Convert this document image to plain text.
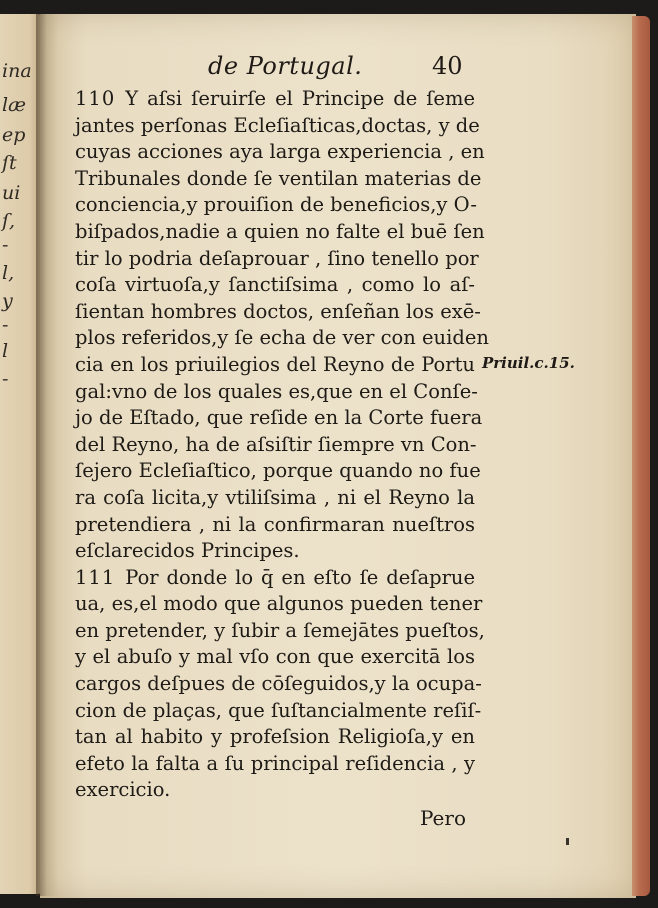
ina
læ
ep
ſt
ui
ſ,
-
l,
y
-
l
-
de Portugal.	40
110 Y aſsi ſeruirſe el Principe de ſeme
jantes perſonas Ecleſiaſticas,doctas, y de
cuyas acciones aya larga experiencia , en
Tribunales donde ſe ventilan materias de
conciencia,y prouiſion de beneficios,y O-
biſpados,nadie a quien no falte el buē ſen
tir lo podria deſaprouar , ſino tenello por
coſa virtuoſa,y ſanctiſsima , como lo aſ-
ſientan hombres doctos, enſeñan los exē-
plos referidos,y ſe echa de ver con euiden
cia en los priuilegios del Reyno de Portu
gal:vno de los quales es,que en el Conſe-
jo de Eſtado, que reſide en la Corte fuera
del Reyno, ha de aſsiſtir ſiempre vn Con-
ſejero Ecleſiaſtico, porque quando no fue
ra coſa licita,y vtiliſsima , ni el Reyno la
pretendiera , ni la confirmaran nueſtros
eſclarecidos Principes.
111 Por donde lo q̄ en eſto ſe deſaprue
ua, es,el modo que algunos pueden tener
en pretender, y ſubir a ſemejātes pueſtos,
y el abuſo y mal vſo con que exercitā los
cargos deſpues de cōſeguidos,y la ocupa-
cion de plaças, que ſuſtancialmente reſiſ-
tan al habito y profeſsion Religioſa,y en
efeto la falta a ſu principal reſidencia , y
exercicio.
Priuil.c.15.
Pero
